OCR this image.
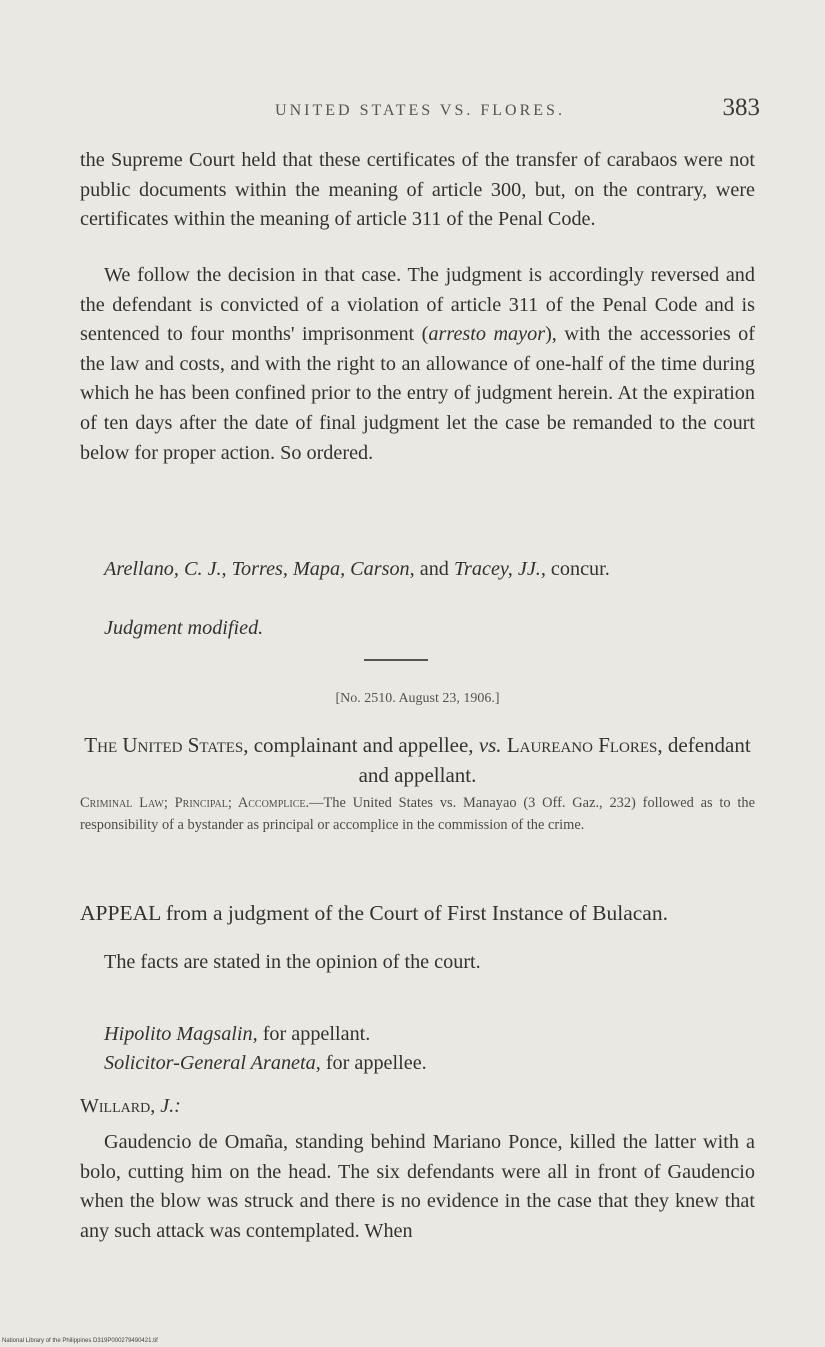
UNITED STATES VS. FLORES.	383

the Supreme Court held that these certificates of the transfer of carabaos were not public documents within the meaning of article 300, but, on the contrary, were certificates within the meaning of article 311 of the Penal Code.

We follow the decision in that case. The judgment is accordingly reversed and the defendant is convicted of a violation of article 311 of the Penal Code and is sentenced to four months' imprisonment (arresto mayor), with the accessories of the law and costs, and with the right to an allowance of one-half of the time during which he has been confined prior to the entry of judgment herein. At the expiration of ten days after the date of final judgment let the case be remanded to the court below for proper action. So ordered.

Arellano, C. J., Torres, Mapa, Carson, and Tracey, JJ., concur.

Judgment modified.

[No. 2510. August 23, 1906.]
The United States, complainant and appellee, vs. Laureano Flores, defendant and appellant.
Criminal Law; Principal; Accomplice.—The United States vs. Manayao (3 Off. Gaz., 232) followed as to the responsibility of a bystander as principal or accomplice in the commission of the crime.
APPEAL from a judgment of the Court of First Instance of Bulacan.
The facts are stated in the opinion of the court.
Hipolito Magsalin, for appellant.
Solicitor-General Araneta, for appellee.
Willard, J.:

Gaudencio de Omaña, standing behind Mariano Ponce, killed the latter with a bolo, cutting him on the head. The six defendants were all in front of Gaudencio when the blow was struck and there is no evidence in the case that they knew that any such attack was contemplated. When

National Library of the Philippines D319P000279490421.tif
